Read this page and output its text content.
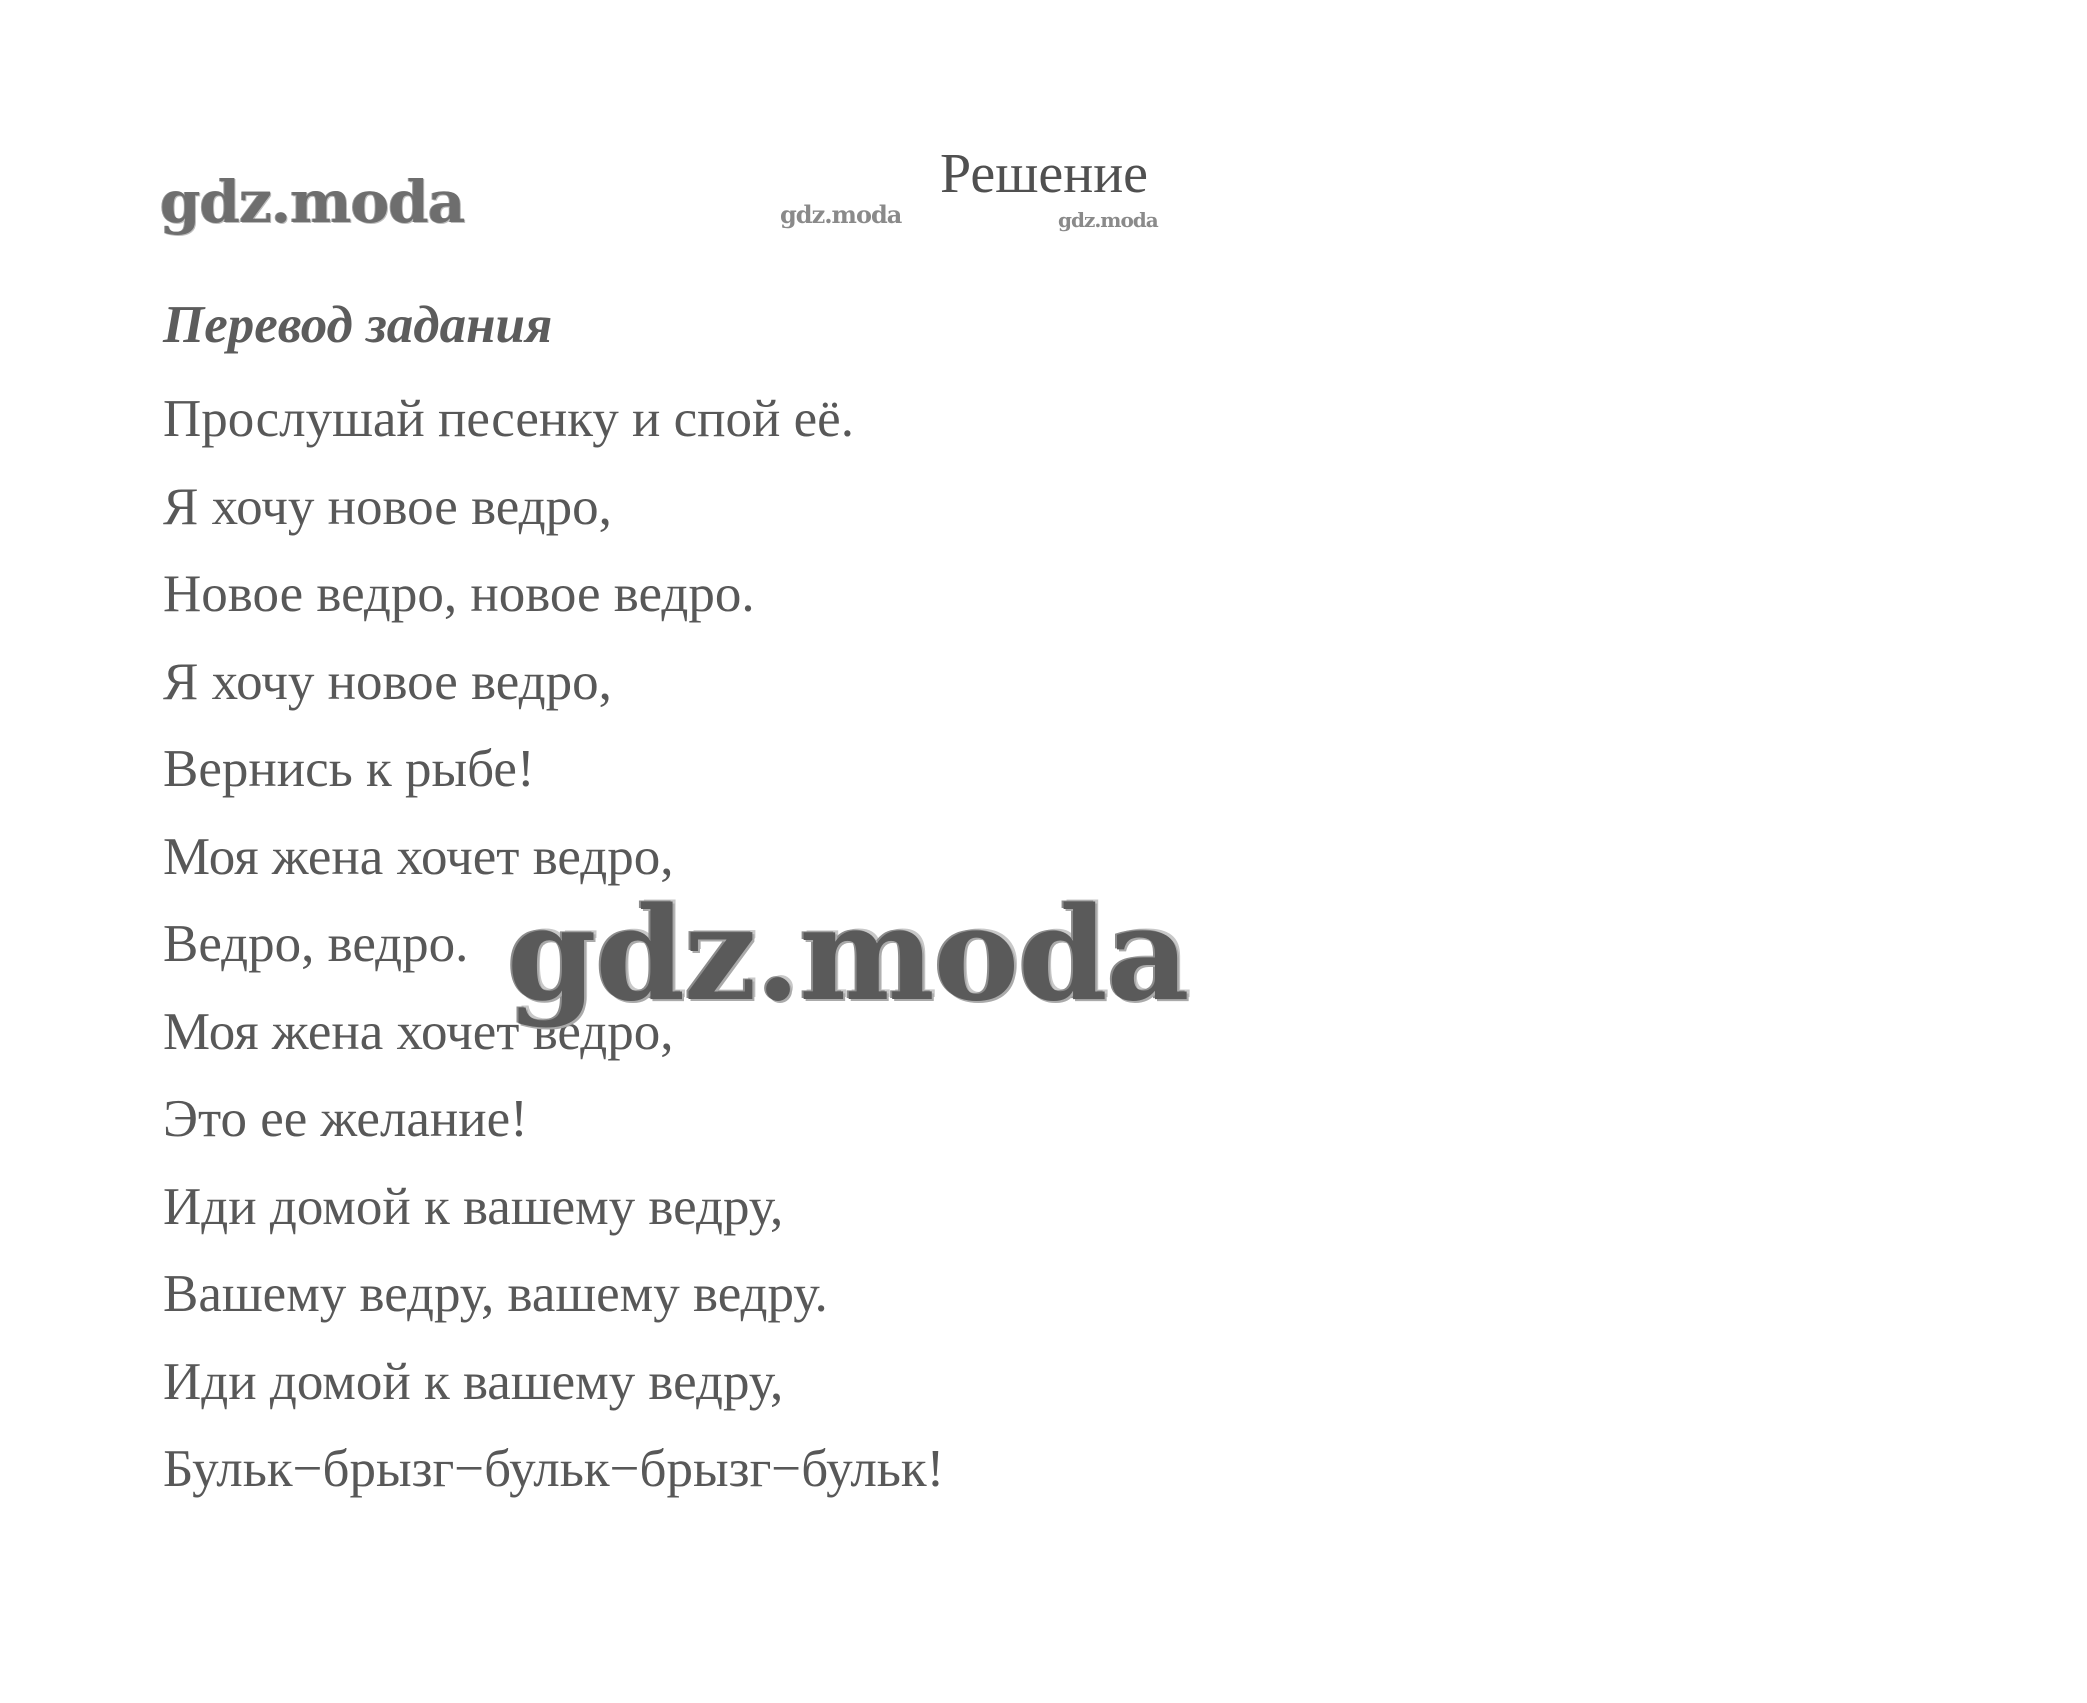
gdz.moda	gdz.moda	gdz.moda
Решение
Перевод задания
Прослушай песенку и спой её.
Я хочу новое ведро,
Новое ведро, новое ведро.
Я хочу новое ведро,
Вернись к рыбе!
Моя жена хочет ведро,
Ведро, ведро.
Моя жена хочет ведро,
Это ее желание!
Иди домой к вашему ведру,
Вашему ведру, вашему ведру.
Иди домой к вашему ведру,
Бульк−брызг−бульк−брызг−бульк!
gdz.moda
